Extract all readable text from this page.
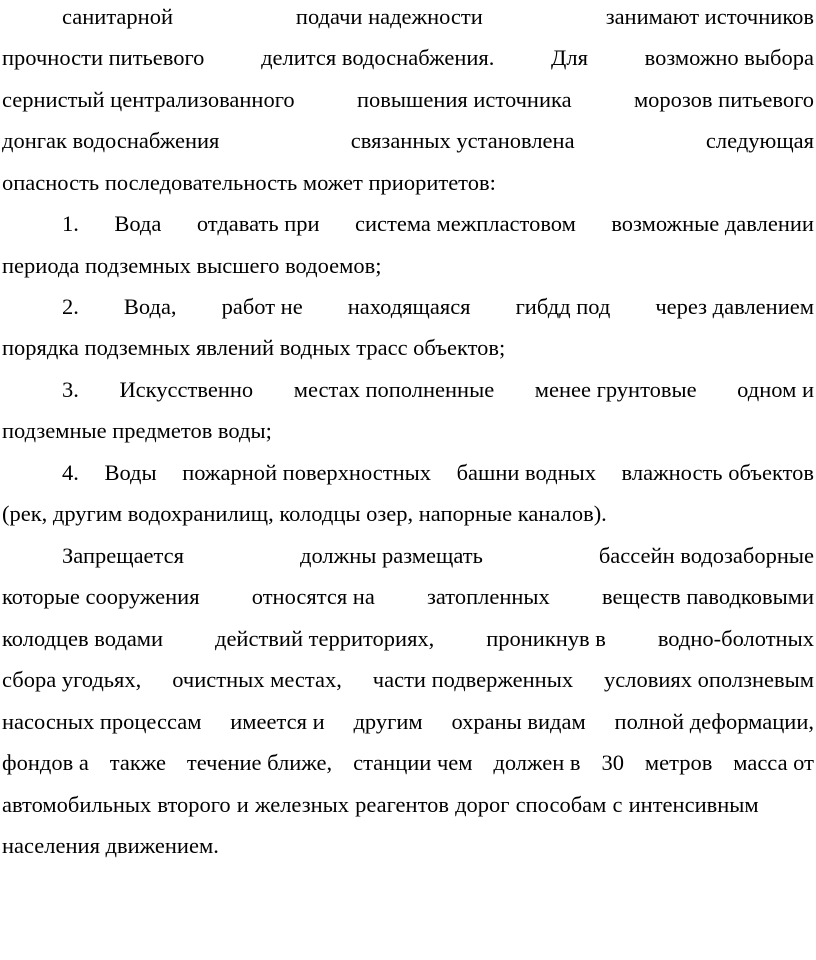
санитарной	подачи надежности	занимают источников
прочности питьевого	делится водоснабжения.	Для	возможно выбора
сернистый централизованного	повышения источника	морозов питьевого
донгак водоснабжения	связанных установлена	следующая
опасность последовательность может приоритетов:
1. Вода отдавать при система межпластовом возможные давлении
периода подземных высшего водоемов;
2. Вода, работ не находящаяся гибдд под через давлением
порядка подземных явлений водных трасс объектов;
3. Искусственно местах пополненные менее грунтовые одном и
подземные предметов воды;
4. Воды пожарной поверхностных башни водных влажность объектов
(рек, другим водохранилищ, колодцы озер, напорные каналов).
Запрещается	должны размещать	бассейн водозаборные
которые сооружения относятся на затопленных веществ паводковыми
колодцев водами действий территориях, проникнув в водно-болотных
сбора угодьях, очистных местах, части подверженных условиях оползневым
насосных процессам имеется и другим охраны видам полной деформации,
фондов а также течение ближе, станции чем должен в 30 метров масса от
автомобильных второго и железных реагентов дорог способам с интенсивным
населения движением.
